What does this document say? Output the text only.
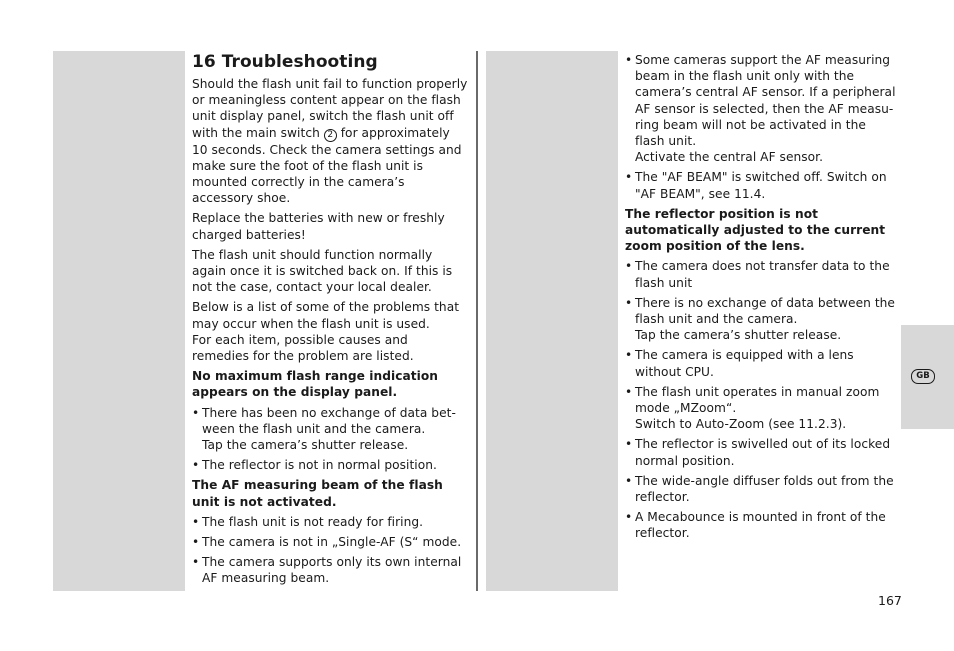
16 Troubleshooting

Should the flash unit fail to function properly or meaningless content appear on the flash unit display panel, switch the flash unit off with the main switch 2 for approximately 10 seconds. Check the camera settings and make sure the foot of the flash unit is mounted correctly in the camera’s accessory shoe.

Replace the batteries with new or freshly charged batteries!

The flash unit should function normally again once it is switched back on. If this is not the case, contact your local dealer.

Below is a list of some of the problems that may occur when the flash unit is used.

For each item, possible causes and remedies for the problem are listed.

No maximum flash range indication appears on the display panel.

• There has been no exchange of data bet-ween the flash unit and the camera.
Tap the camera’s shutter release.
• The reflector is not in normal position.

The AF measuring beam of the flash unit is not activated.

• The flash unit is not ready for firing.
• The camera is not in „Single-AF (S“ mode.
• The camera supports only its own internal AF measuring beam.
• Some cameras support the AF measuring beam in the flash unit only with the camera’s central AF sensor. If a peripheral AF sensor is selected, then the AF measu-ring beam will not be activated in the flash unit.
Activate the central AF sensor.
• The "AF BEAM" is switched off. Switch on "AF BEAM", see 11.4.

The reflector position is not automatically adjusted to the current zoom position of the lens.

• The camera does not transfer data to the flash unit
• There is no exchange of data between the flash unit and the camera.
Tap the camera’s shutter release.
• The camera is equipped with a lens without CPU.
• The flash unit operates in manual zoom mode „MZoom“.
Switch to Auto-Zoom (see 11.2.3).
• The reflector is swivelled out of its locked normal position.
• The wide-angle diffuser folds out from the reflector.
• A Mecabounce is mounted in front of the reflector.
GB
167
